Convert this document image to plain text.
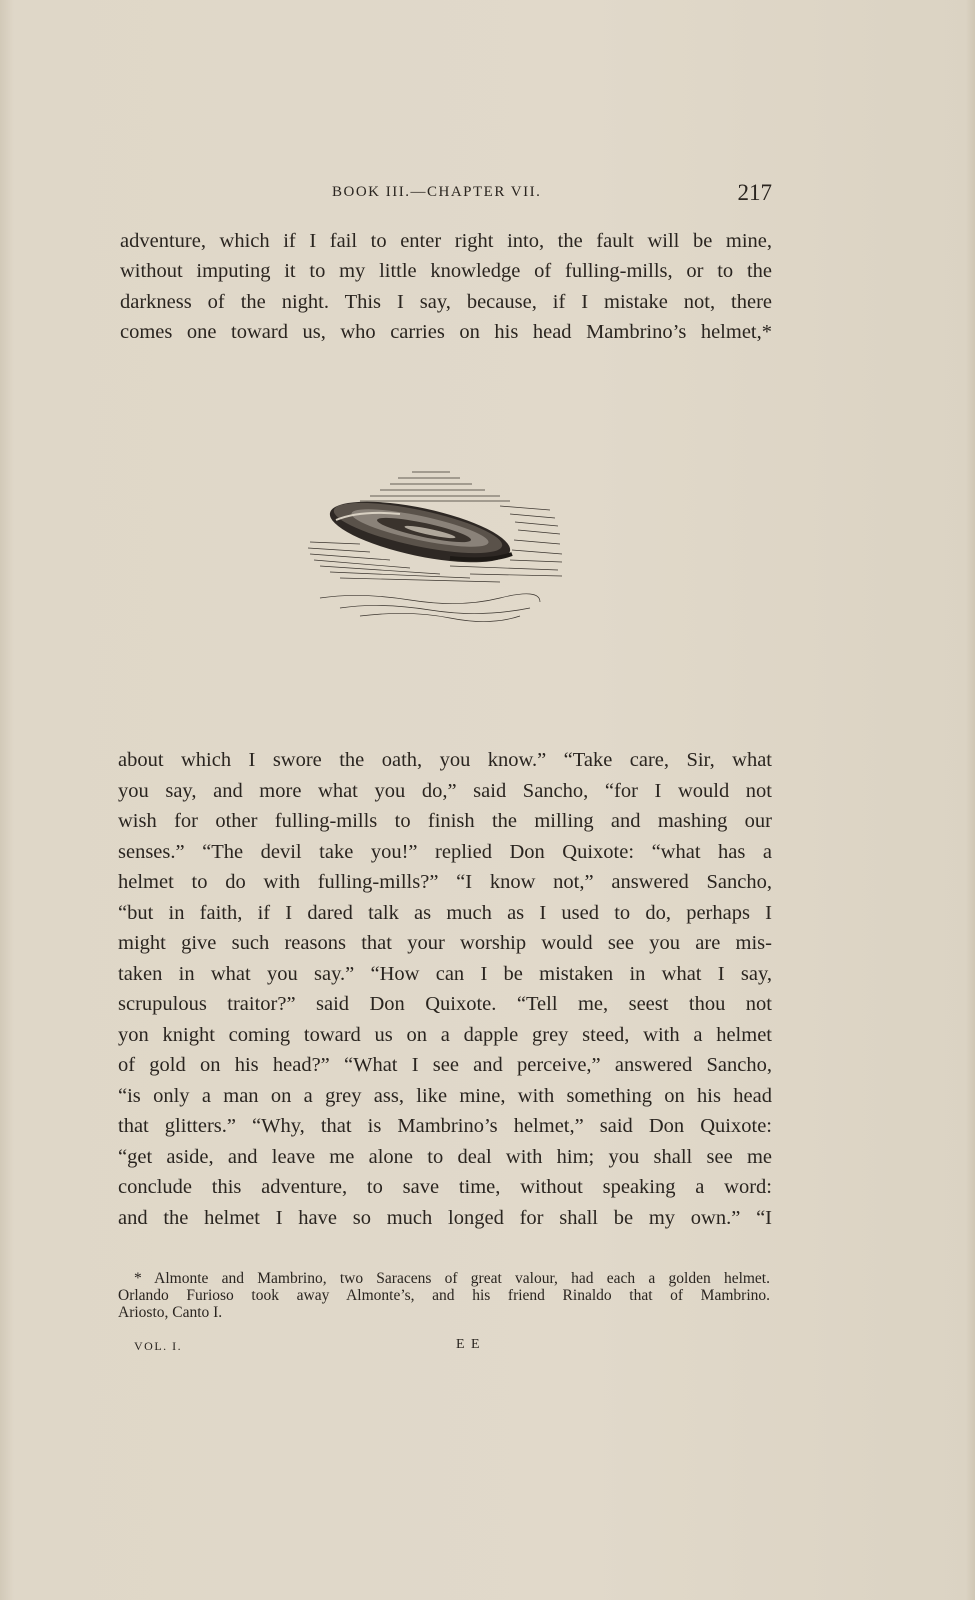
BOOK III.—CHAPTER VII.	217

adventure, which if I fail to enter right into, the fault will be mine,
without imputing it to my little knowledge of fulling-mills, or to the
darkness of the night. This I say, because, if I mistake not, there
comes one toward us, who carries on his head Mambrino’s helmet,*

about which I swore the oath, you know.” “Take care, Sir, what
you say, and more what you do,” said Sancho, “for I would not
wish for other fulling-mills to finish the milling and mashing our
senses.” “The devil take you!” replied Don Quixote: “what has a
helmet to do with fulling-mills?” “I know not,” answered Sancho,
“but in faith, if I dared talk as much as I used to do, perhaps I
might give such reasons that your worship would see you are mis-
taken in what you say.” “How can I be mistaken in what I say,
scrupulous traitor?” said Don Quixote. “Tell me, seest thou not
yon knight coming toward us on a dapple grey steed, with a helmet
of gold on his head?” “What I see and perceive,” answered Sancho,
“is only a man on a grey ass, like mine, with something on his head
that glitters.” “Why, that is Mambrino’s helmet,” said Don Quixote:
“get aside, and leave me alone to deal with him; you shall see me
conclude this adventure, to save time, without speaking a word:
and the helmet I have so much longed for shall be my own.” “I

* Almonte and Mambrino, two Saracens of great valour, had each a golden helmet.
Orlando Furioso took away Almonte’s, and his friend Rinaldo that of Mambrino.
Ariosto, Canto I.

VOL. I.	E E
